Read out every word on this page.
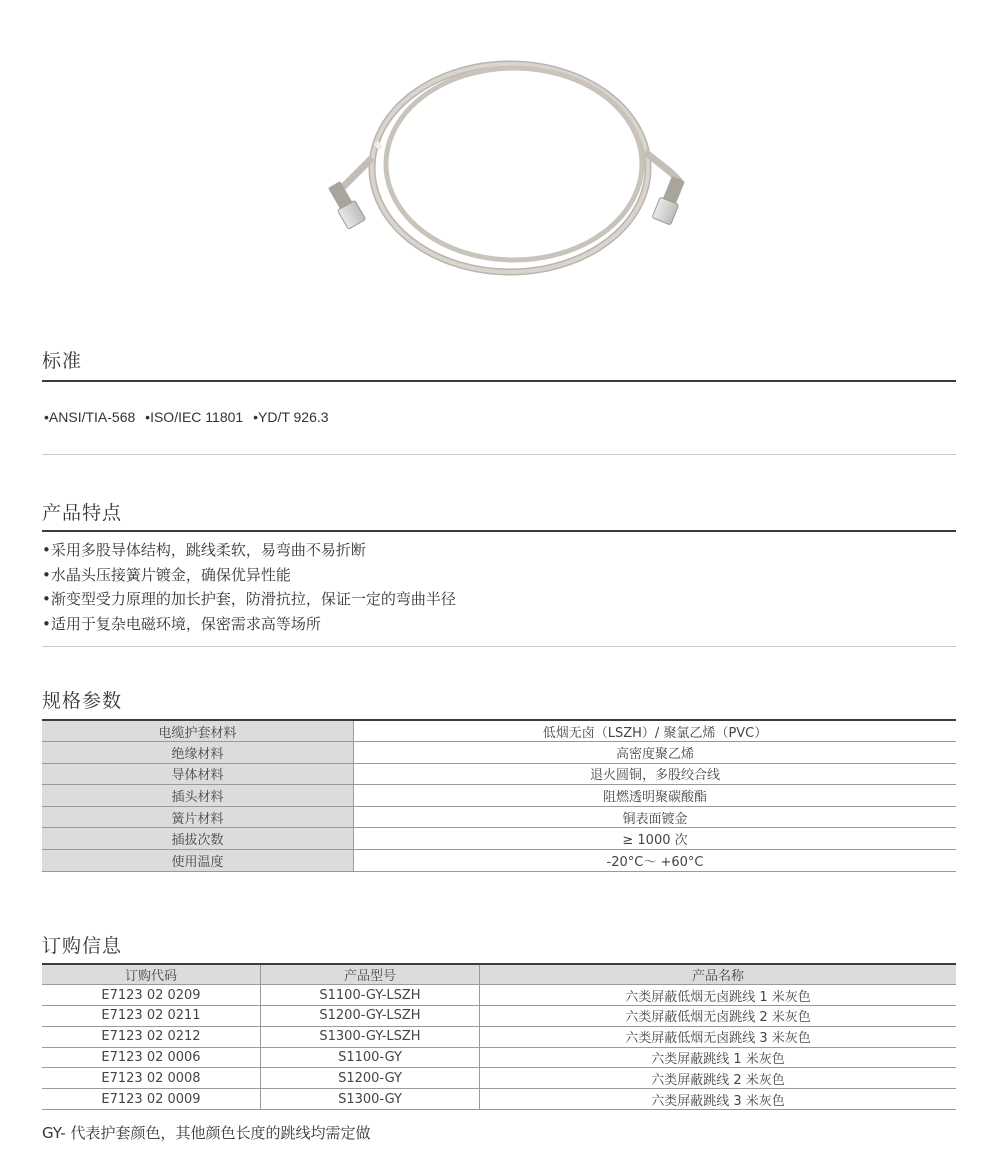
标准
•ANSI/TIA-568 •ISO/IEC 11801 •YD/T 926.3
产品特点
•采用多股导体结构，跳线柔软，易弯曲不易折断
•水晶头压接簧片镀金，确保优异性能
•渐变型受力原理的加长护套，防滑抗拉，保证一定的弯曲半径
•适用于复杂电磁环境，保密需求高等场所
规格参数
电缆护套材料	低烟无卤（LSZH）/ 聚氯乙烯（PVC）
绝缘材料	高密度聚乙烯
导体材料	退火圆铜，多股绞合线
插头材料	阻燃透明聚碳酸酯
簧片材料	铜表面镀金
插拔次数	≥ 1000 次
使用温度	-20°C～ +60°C
订购信息
订购代码	产品型号	产品名称
E7123 02 0209	S1100-GY-LSZH	六类屏蔽低烟无卤跳线 1 米灰色
E7123 02 0211	S1200-GY-LSZH	六类屏蔽低烟无卤跳线 2 米灰色
E7123 02 0212	S1300-GY-LSZH	六类屏蔽低烟无卤跳线 3 米灰色
E7123 02 0006	S1100-GY	六类屏蔽跳线 1 米灰色
E7123 02 0008	S1200-GY	六类屏蔽跳线 2 米灰色
E7123 02 0009	S1300-GY	六类屏蔽跳线 3 米灰色
GY- 代表护套颜色，其他颜色长度的跳线均需定做
